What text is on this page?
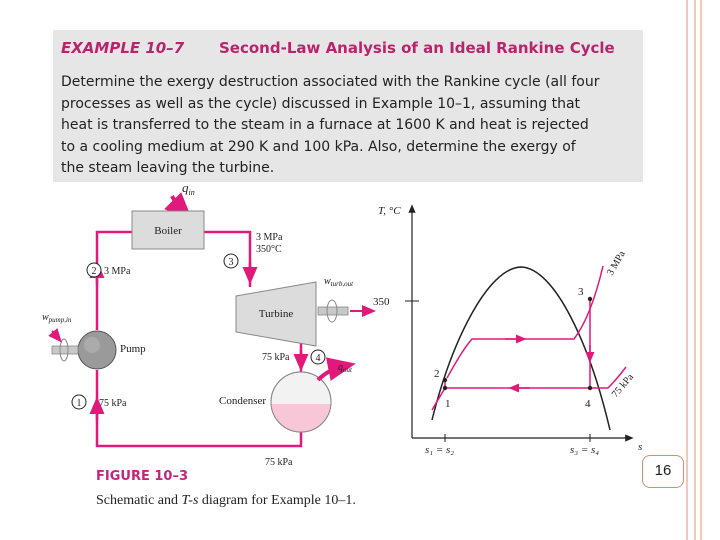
EXAMPLE 10–7 Second-Law Analysis of an Ideal Rankine Cycle
Determine the exergy destruction associated with the Rankine cycle (all four
processes as well as the cycle) discussed in Example 10–1, assuming that
heat is transferred to the steam in a furnace at 1600 K and heat is rejected
to a cooling medium at 290 K and 100 kPa. Also, determine the exergy of
the steam leaving the turbine.
$q_{in}$
Boiler
3
3 MPa
350°C
Turbine
$w_{turb,out}$
75 kPa	4
Condenser
$q_{out}$
75 kPa
Pump
$w_{pump,in}$
2 3 MPa
1 75 kPa
T, °C
s
350
1
2
3
4
3 MPa
75 kPa
s₁ = s₂	s₃ = s₄
FIGURE 10–3
Schematic and T-s diagram for Example 10–1.
16
